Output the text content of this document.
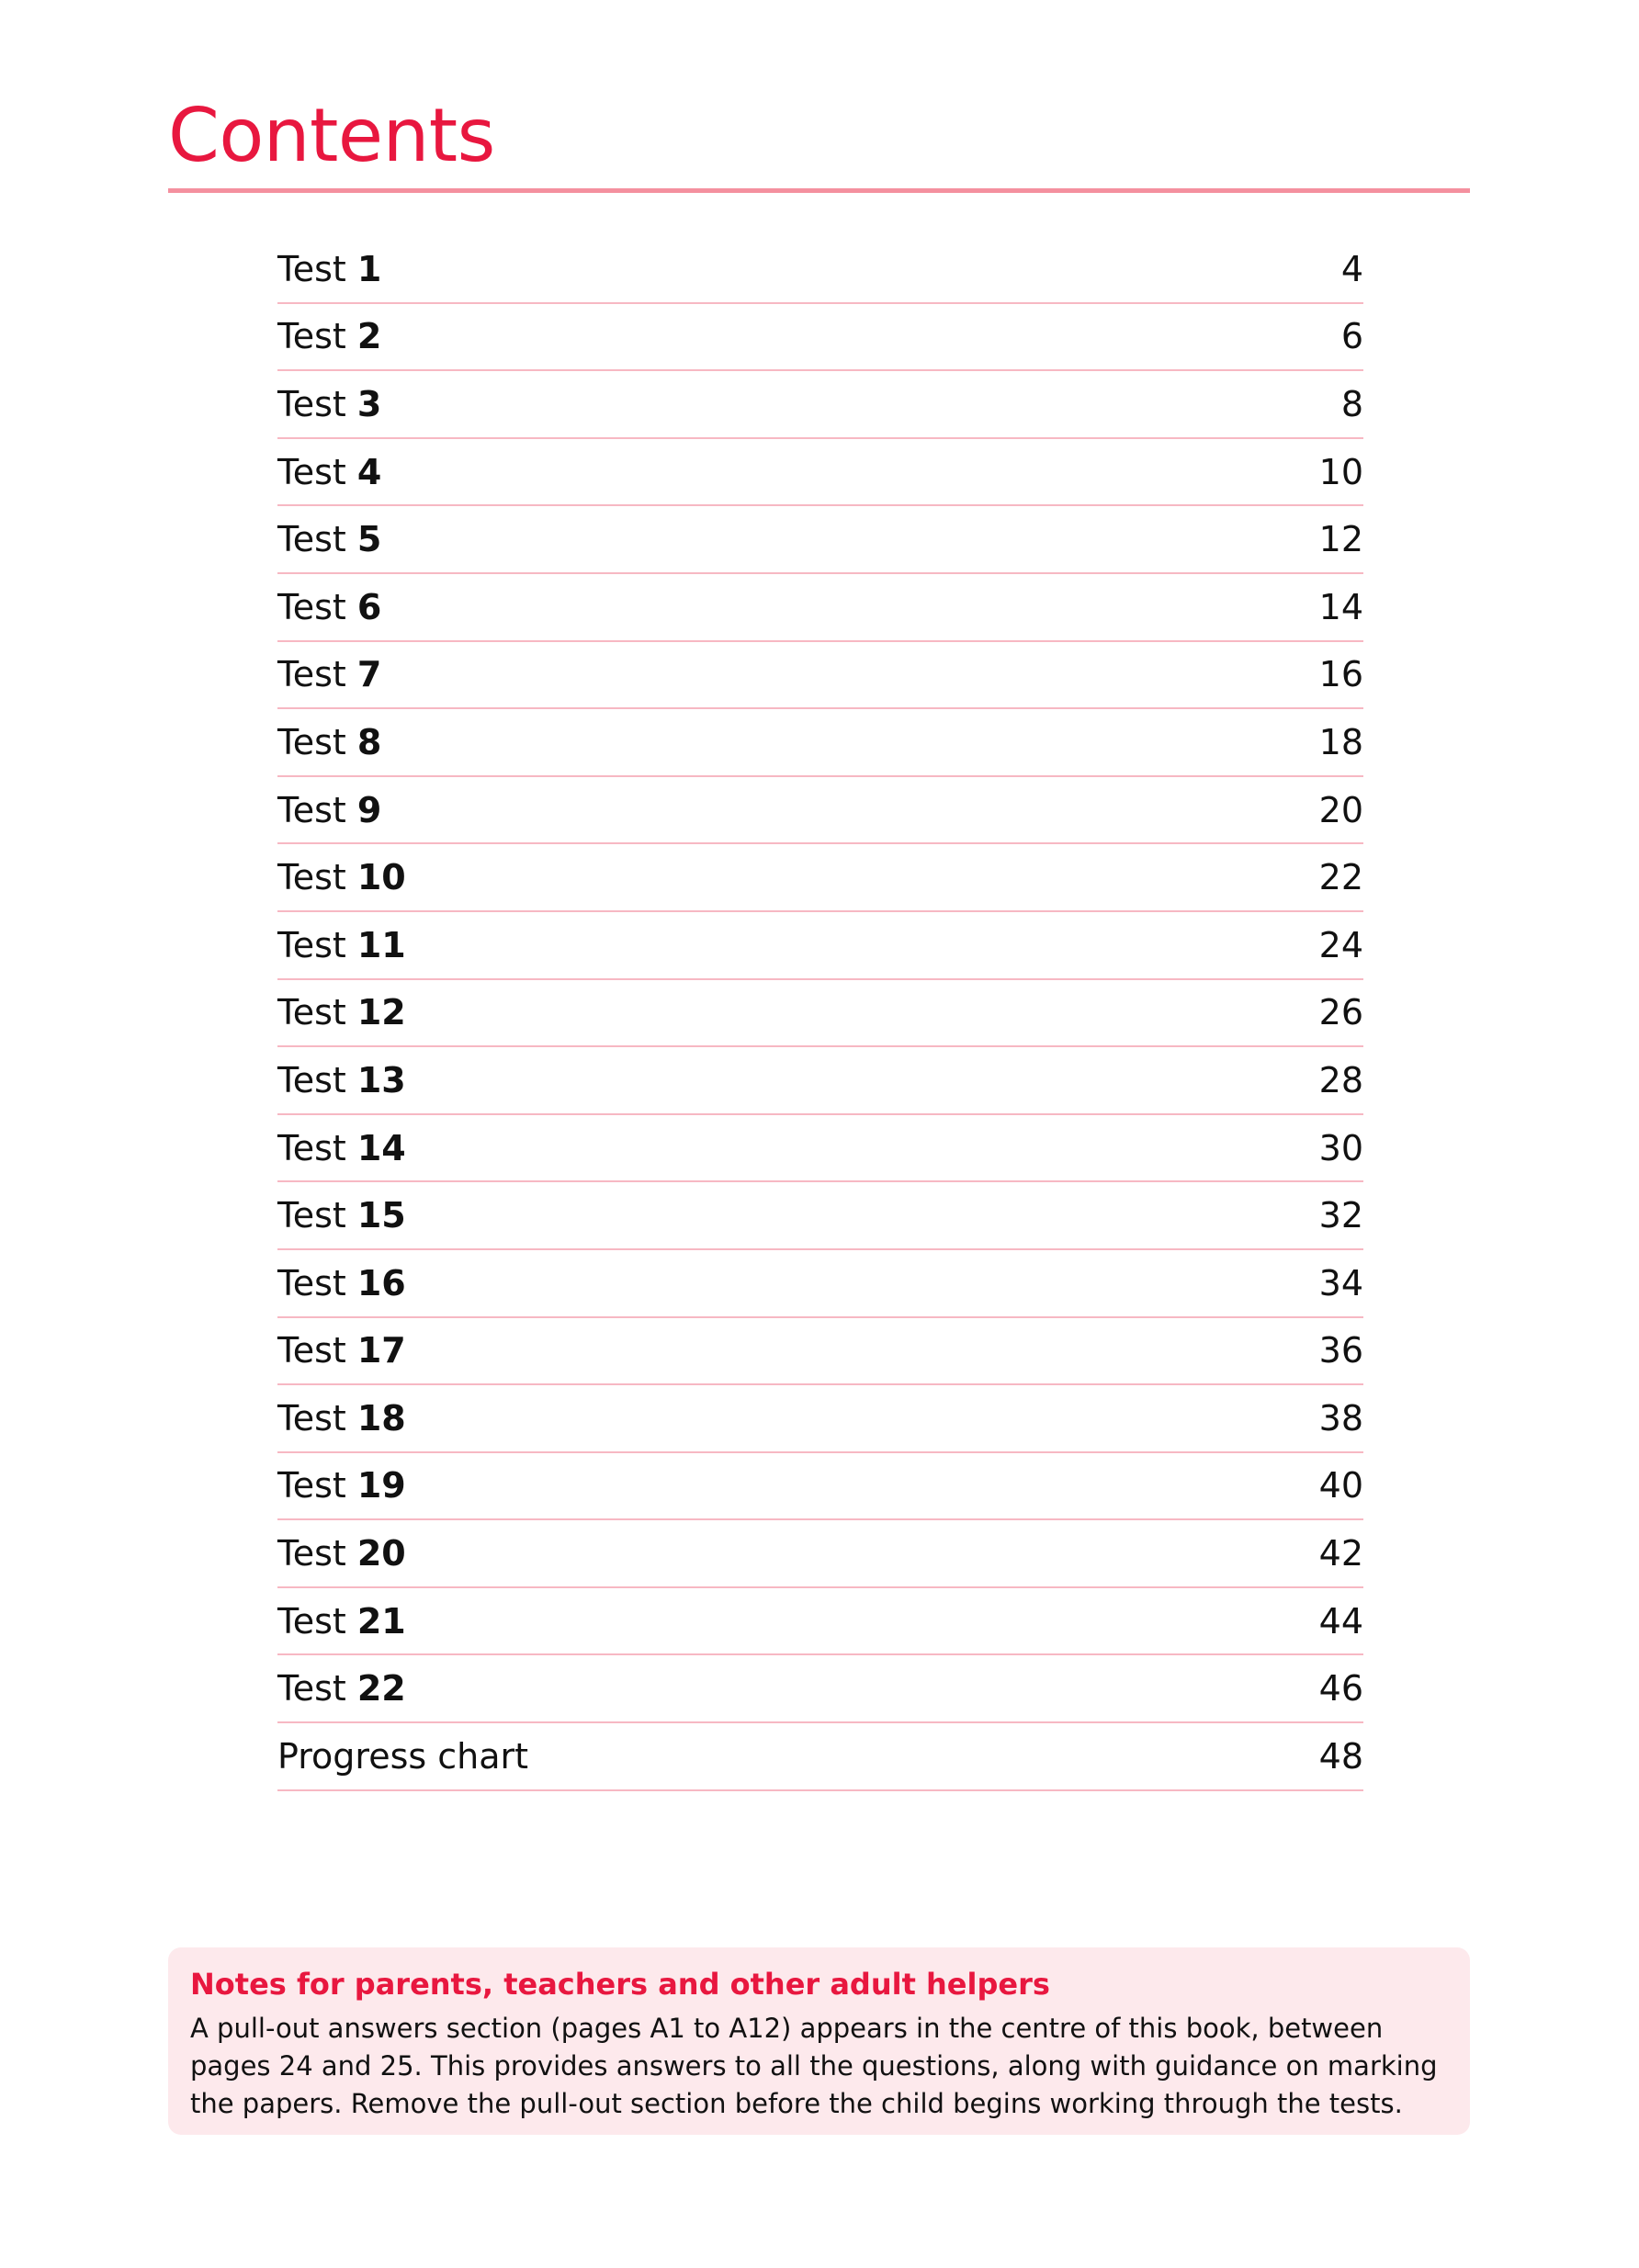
Contents
Test 1	4
Test 2	6
Test 3	8
Test 4	10
Test 5	12
Test 6	14
Test 7	16
Test 8	18
Test 9	20
Test 10	22
Test 11	24
Test 12	26
Test 13	28
Test 14	30
Test 15	32
Test 16	34
Test 17	36
Test 18	38
Test 19	40
Test 20	42
Test 21	44
Test 22	46
Progress chart	48

Notes for parents, teachers and other adult helpers

A pull-out answers section (pages A1 to A12) appears in the centre of this book, between pages 24 and 25. This provides answers to all the questions, along with guidance on marking the papers. Remove the pull-out section before the child begins working through the tests.
